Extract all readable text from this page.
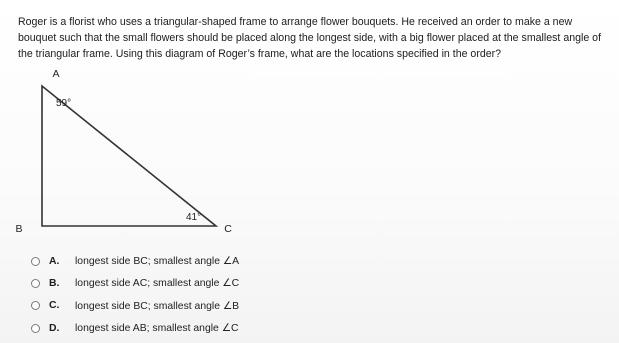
Roger is a florist who uses a triangular-shaped frame to arrange flower bouquets. He received an order to make a new bouquet such that the small flowers should be placed along the longest side, with a big flower placed at the smallest angle of the triangular frame. Using this diagram of Roger’s frame, what are the locations specified in the order?

A
B	C
59°
41°
A.	longest side BC; smallest angle ∠A
B.	longest side AC; smallest angle ∠C
C.	longest side BC; smallest angle ∠B
D.	longest side AB; smallest angle ∠C
